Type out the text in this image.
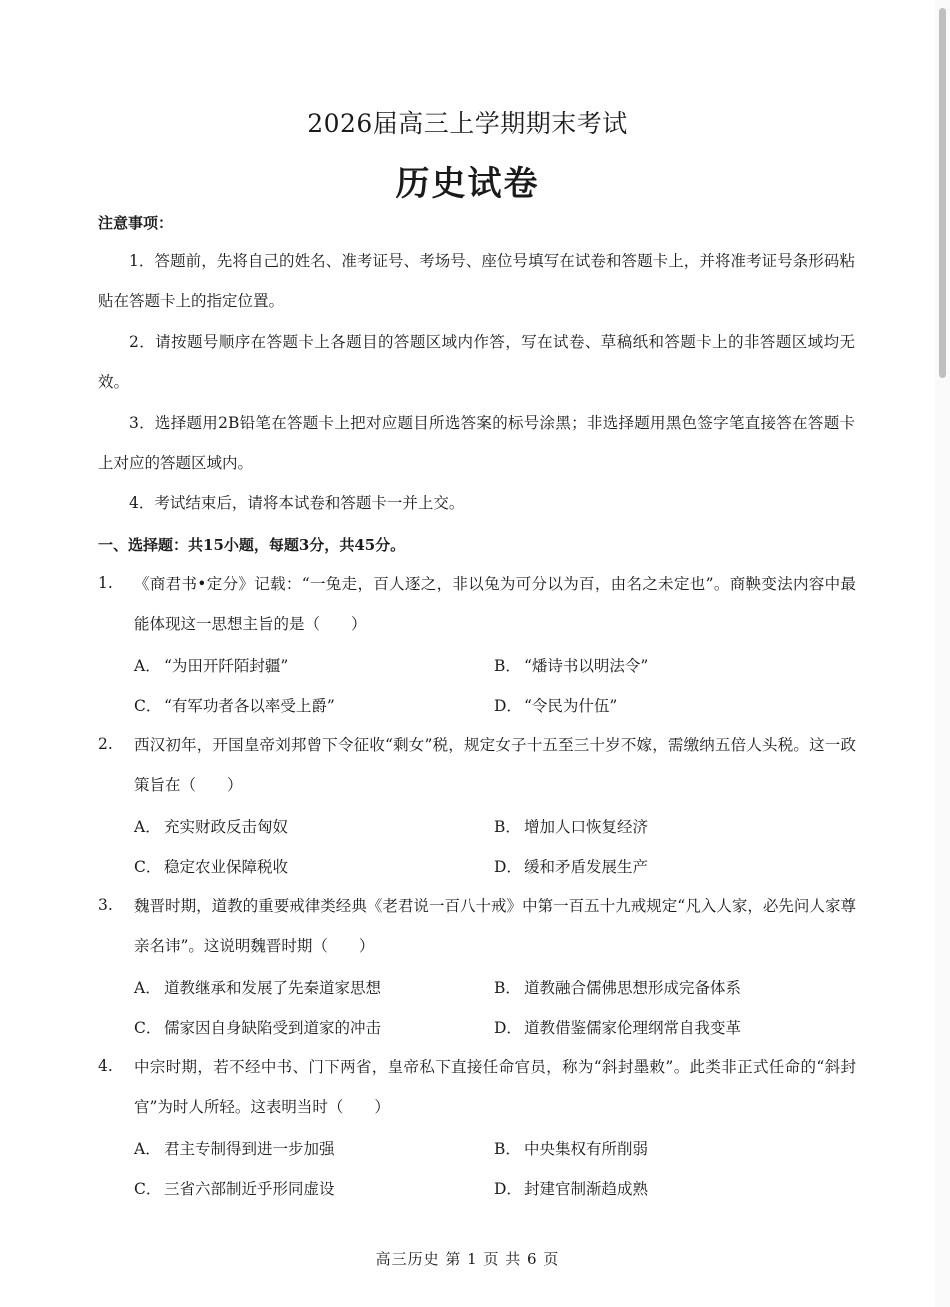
2026届高三上学期期末考试
历史试卷
注意事项：
1．答题前，先将自己的姓名、准考证号、考场号、座位号填写在试卷和答题卡上，并将准考证号条形码粘贴在答题卡上的指定位置。
2．请按题号顺序在答题卡上各题目的答题区域内作答，写在试卷、草稿纸和答题卡上的非答题区域均无效。
3．选择题用2B铅笔在答题卡上把对应题目所选答案的标号涂黑；非选择题用黑色签字笔直接答在答题卡上对应的答题区域内。
4．考试结束后，请将本试卷和答题卡一并上交。
一、选择题：共15小题，每题3分，共45分。
1. 《商君书•定分》记载：“一兔走，百人逐之，非以兔为可分以为百，由名之未定也”。商鞅变法内容中最能体现这一思想主旨的是（　　）
A． “为田开阡陌封疆”	B． “燔诗书以明法令”
C． “有军功者各以率受上爵”	D． “令民为什伍”
2. 西汉初年，开国皇帝刘邦曾下令征收“剩女”税，规定女子十五至三十岁不嫁，需缴纳五倍人头税。这一政策旨在（　　）
A． 充实财政反击匈奴	B． 增加人口恢复经济
C． 稳定农业保障税收	D． 缓和矛盾发展生产
3. 魏晋时期，道教的重要戒律类经典《老君说一百八十戒》中第一百五十九戒规定“凡入人家，必先问人家尊亲名讳”。这说明魏晋时期（　　）
A． 道教继承和发展了先秦道家思想	B． 道教融合儒佛思想形成完备体系
C． 儒家因自身缺陷受到道家的冲击	D． 道教借鉴儒家伦理纲常自我变革
4. 中宗时期，若不经中书、门下两省，皇帝私下直接任命官员，称为“斜封墨敕”。此类非正式任命的“斜封官”为时人所轻。这表明当时（　　）
A． 君主专制得到进一步加强	B． 中央集权有所削弱
C． 三省六部制近乎形同虚设	D． 封建官制渐趋成熟
高三历史 第 1 页 共 6 页
